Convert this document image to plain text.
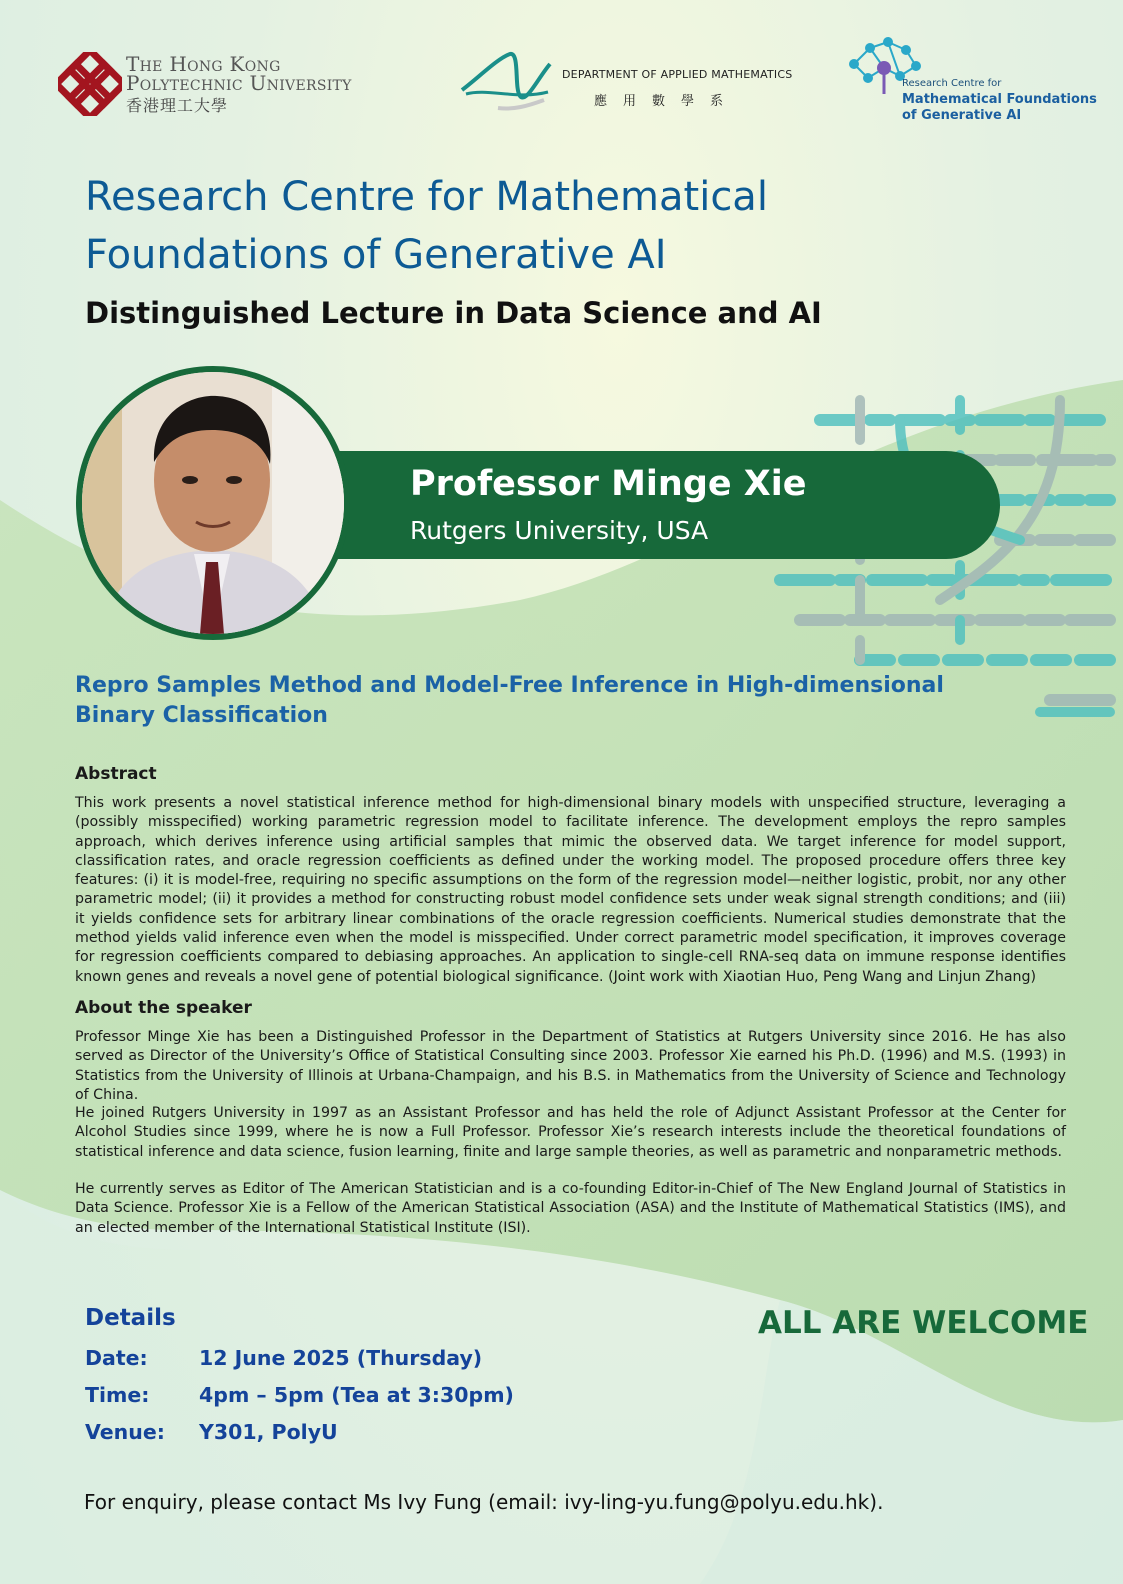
The Hong Kong
Polytechnic University
香港理工大學
DEPARTMENT OF APPLIED MATHEMATICS
應用數學系
Research Centre for
Mathematical Foundations of Generative AI
Research Centre for Mathematical Foundations of Generative AI
Distinguished Lecture in Data Science and AI
Professor Minge Xie
Rutgers University, USA
Repro Samples Method and Model-Free Inference in High-dimensional Binary Classification
Abstract
This work presents a novel statistical inference method for high-dimensional binary models with unspecified structure, leveraging a (possibly misspecified) working parametric regression model to facilitate inference. The development employs the repro samples approach, which derives inference using artificial samples that mimic the observed data. We target inference for model support, classification rates, and oracle regression coefficients as defined under the working model. The proposed procedure offers three key features: (i) it is model-free, requiring no specific assumptions on the form of the regression model—neither logistic, probit, nor any other parametric model; (ii) it provides a method for constructing robust model confidence sets under weak signal strength conditions; and (iii) it yields confidence sets for arbitrary linear combinations of the oracle regression coefficients. Numerical studies demonstrate that the method yields valid inference even when the model is misspecified. Under correct parametric model specification, it improves coverage for regression coefficients compared to debiasing approaches. An application to single-cell RNA-seq data on immune response identifies known genes and reveals a novel gene of potential biological significance. (Joint work with Xiaotian Huo, Peng Wang and Linjun Zhang)
About the speaker
Professor Minge Xie has been a Distinguished Professor in the Department of Statistics at Rutgers University since 2016. He has also served as Director of the University’s Office of Statistical Consulting since 2003. Professor Xie earned his Ph.D. (1996) and M.S. (1993) in Statistics from the University of Illinois at Urbana-Champaign, and his B.S. in Mathematics from the University of Science and Technology of China.
He joined Rutgers University in 1997 as an Assistant Professor and has held the role of Adjunct Assistant Professor at the Center for Alcohol Studies since 1999, where he is now a Full Professor. Professor Xie’s research interests include the theoretical foundations of statistical inference and data science, fusion learning, finite and large sample theories, as well as parametric and nonparametric methods.
He currently serves as Editor of The American Statistician and is a co-founding Editor-in-Chief of The New England Journal of Statistics in Data Science. Professor Xie is a Fellow of the American Statistical Association (ASA) and the Institute of Mathematical Statistics (IMS), and an elected member of the International Statistical Institute (ISI).
Details
Date: 12 June 2025 (Thursday)
Time: 4pm – 5pm (Tea at 3:30pm)
Venue: Y301, PolyU
ALL ARE WELCOME
For enquiry, please contact Ms Ivy Fung (email: ivy-ling-yu.fung@polyu.edu.hk).
